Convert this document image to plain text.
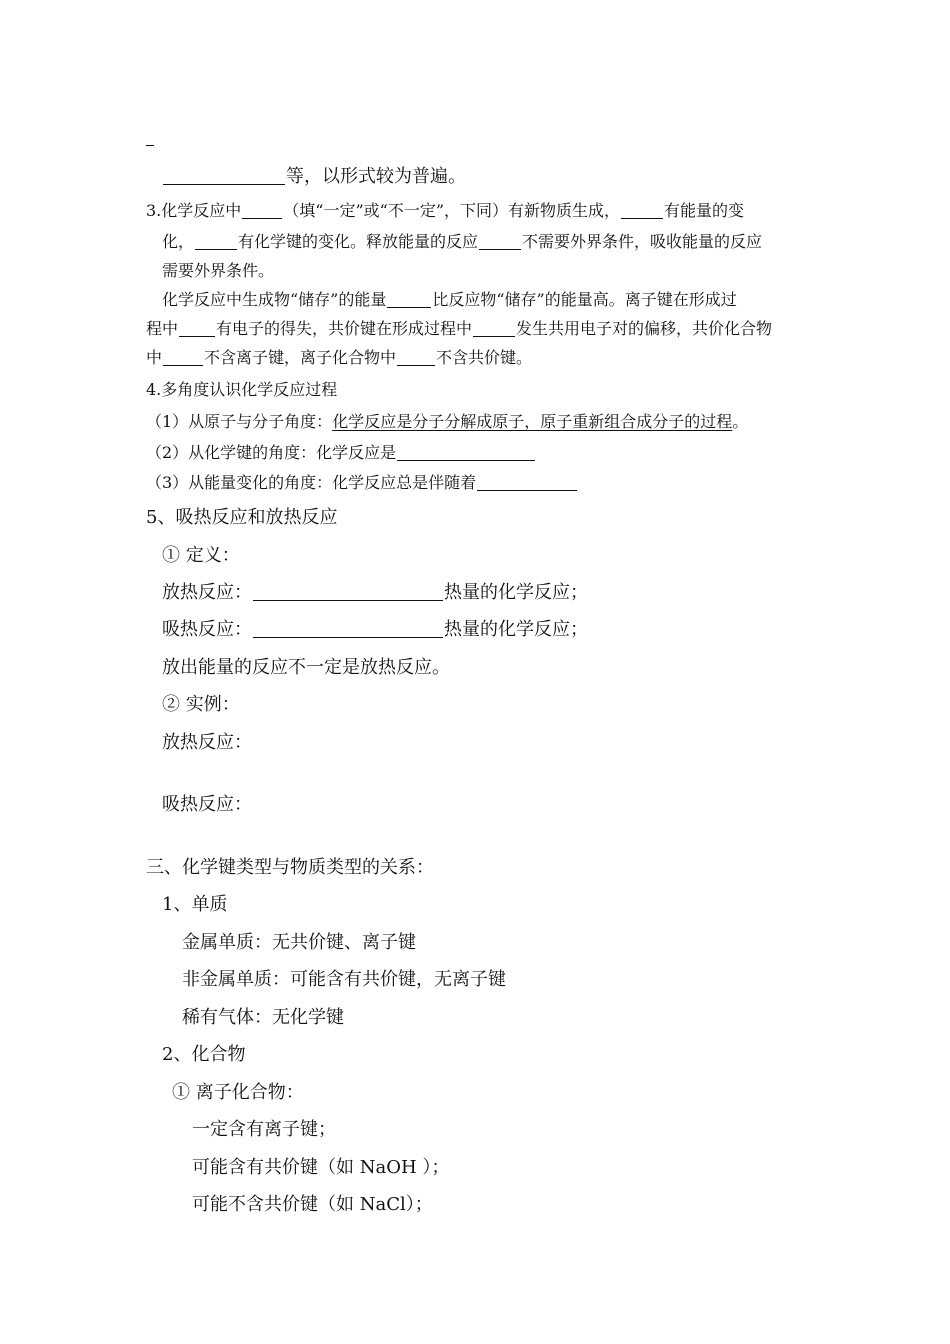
等，以形式较为普遍。
3.化学反应中	（填“一定”或“不一定”，下同）有新物质生成，	有能量的变
化，	有化学键的变化。释放能量的反应	不需要外界条件，吸收能量的反应
需要外界条件。
化学反应中生成物“储存”的能量	比反应物“储存”的能量高。离子键在形成过
程中 有电子的得失，共价键在形成过程中	发生共用电子对的偏移，共价化合物
中	不含离子键，离子化合物中	不含共价键。
4.多角度认识化学反应过程
（1）从原子与分子角度：化学反应是分子分解成原子，原子重新组合成分子的过程。
（2）从化学键的角度：化学反应是
（3）从能量变化的角度：化学反应总是伴随着
5、吸热反应和放热反应
① 定义：
放热反应：	热量的化学反应；
吸热反应：	热量的化学反应；
放出能量的反应不一定是放热反应。
② 实例：
放热反应：
吸热反应：
三、化学键类型与物质类型的关系：
1、单质
金属单质：无共价键、离子键
非金属单质：可能含有共价键，无离子键
稀有气体：无化学键
2、化合物
① 离子化合物：
一定含有离子键；
可能含有共价键（如 NaOH ）；
可能不含共价键（如 NaCl）；
